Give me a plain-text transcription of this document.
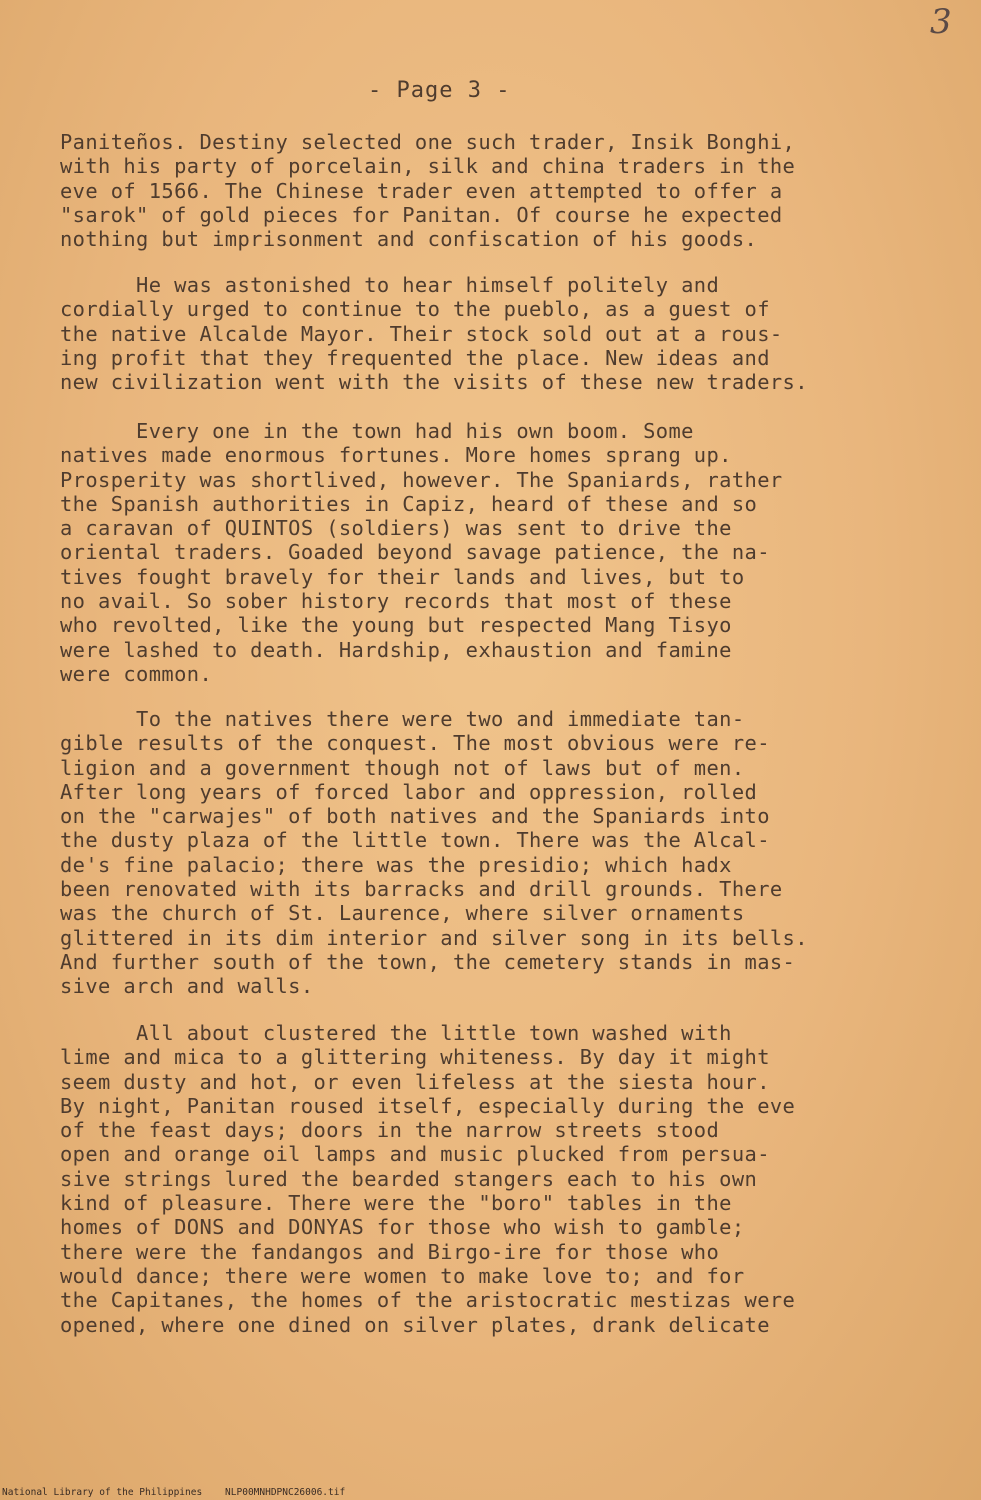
3
- Page 3 -
Paniteños. Destiny selected one such trader, Insik Bonghi,
with his party of porcelain, silk and china traders in the
eve of 1566. The Chinese trader even attempted to offer a
"sarok" of gold pieces for Panitan. Of course he expected
nothing but imprisonment and confiscation of his goods.
He was astonished to hear himself politely and
cordially urged to continue to the pueblo, as a guest of
the native Alcalde Mayor. Their stock sold out at a rous-
ing profit that they frequented the place. New ideas and
new civilization went with the visits of these new traders.
Every one in the town had his own boom. Some
natives made enormous fortunes. More homes sprang up.
Prosperity was shortlived, however. The Spaniards, rather
the Spanish authorities in Capiz, heard of these and so
a caravan of QUINTOS (soldiers) was sent to drive the
oriental traders. Goaded beyond savage patience, the na-
tives fought bravely for their lands and lives, but to
no avail. So sober history records that most of these
who revolted, like the young but respected Mang Tisyo
were lashed to death. Hardship, exhaustion and famine
were common.
To the natives there were two and immediate tan-
gible results of the conquest. The most obvious were re-
ligion and a government though not of laws but of men.
After long years of forced labor and oppression, rolled
on the "carwajes" of both natives and the Spaniards into
the dusty plaza of the little town. There was the Alcal-
de's fine palacio; there was the presidio; which hadx
been renovated with its barracks and drill grounds. There
was the church of St. Laurence, where silver ornaments
glittered in its dim interior and silver song in its bells.
And further south of the town, the cemetery stands in mas-
sive arch and walls.
All about clustered the little town washed with
lime and mica to a glittering whiteness. By day it might
seem dusty and hot, or even lifeless at the siesta hour.
By night, Panitan roused itself, especially during the eve
of the feast days; doors in the narrow streets stood
open and orange oil lamps and music plucked from persua-
sive strings lured the bearded stangers each to his own
kind of pleasure. There were the "boro" tables in the
homes of DONS and DONYAS for those who wish to gamble;
there were the fandangos and Birgo-ire for those who
would dance; there were women to make love to; and for
the Capitanes, the homes of the aristocratic mestizas were
opened, where one dined on silver plates, drank delicate
National Library of the Philippines    NLP00MNHDPNC26006.tif
